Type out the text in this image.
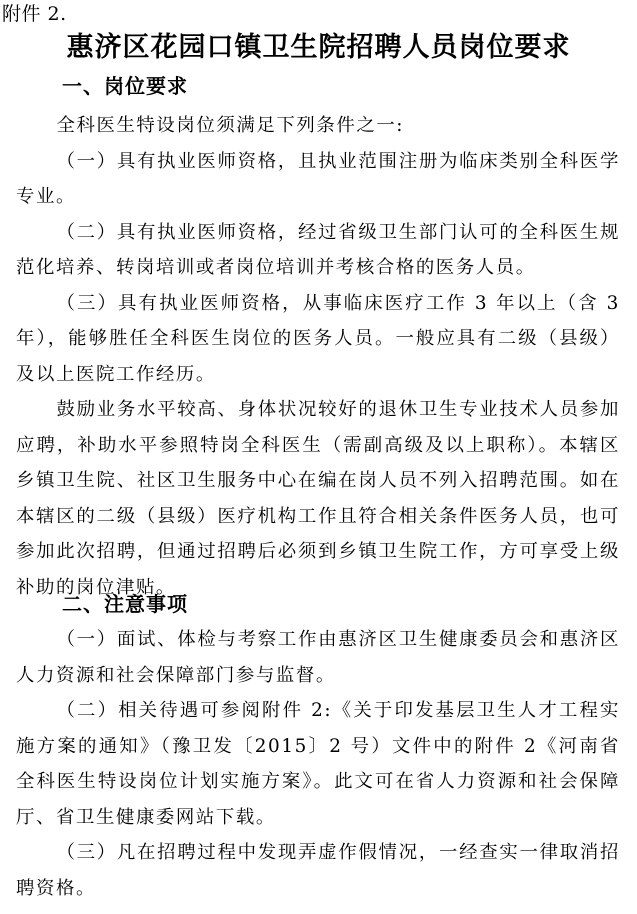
附件 2.
惠济区花园口镇卫生院招聘人员岗位要求
一、岗位要求

全科医生特设岗位须满足下列条件之一:

（一）具有执业医师资格，且执业范围注册为临床类别全科医学专业。

（二）具有执业医师资格，经过省级卫生部门认可的全科医生规范化培养、转岗培训或者岗位培训并考核合格的医务人员。

（三）具有执业医师资格，从事临床医疗工作 3 年以上（含 3 年），能够胜任全科医生岗位的医务人员。一般应具有二级（县级）及以上医院工作经历。

鼓励业务水平较高、身体状况较好的退休卫生专业技术人员参加应聘，补助水平参照特岗全科医生（需副高级及以上职称）。本辖区乡镇卫生院、社区卫生服务中心在编在岗人员不列入招聘范围。如在本辖区的二级（县级）医疗机构工作且符合相关条件医务人员，也可参加此次招聘，但通过招聘后必须到乡镇卫生院工作，方可享受上级补助的岗位津贴。

二、注意事项

（一）面试、体检与考察工作由惠济区卫生健康委员会和惠济区人力资源和社会保障部门参与监督。

（二）相关待遇可参阅附件 2:《关于印发基层卫生人才工程实施方案的通知》（豫卫发〔2015〕2 号）文件中的附件 2《河南省全科医生特设岗位计划实施方案》。此文可在省人力资源和社会保障厅、省卫生健康委网站下载。

（三）凡在招聘过程中发现弄虚作假情况，一经查实一律取消招聘资格。
